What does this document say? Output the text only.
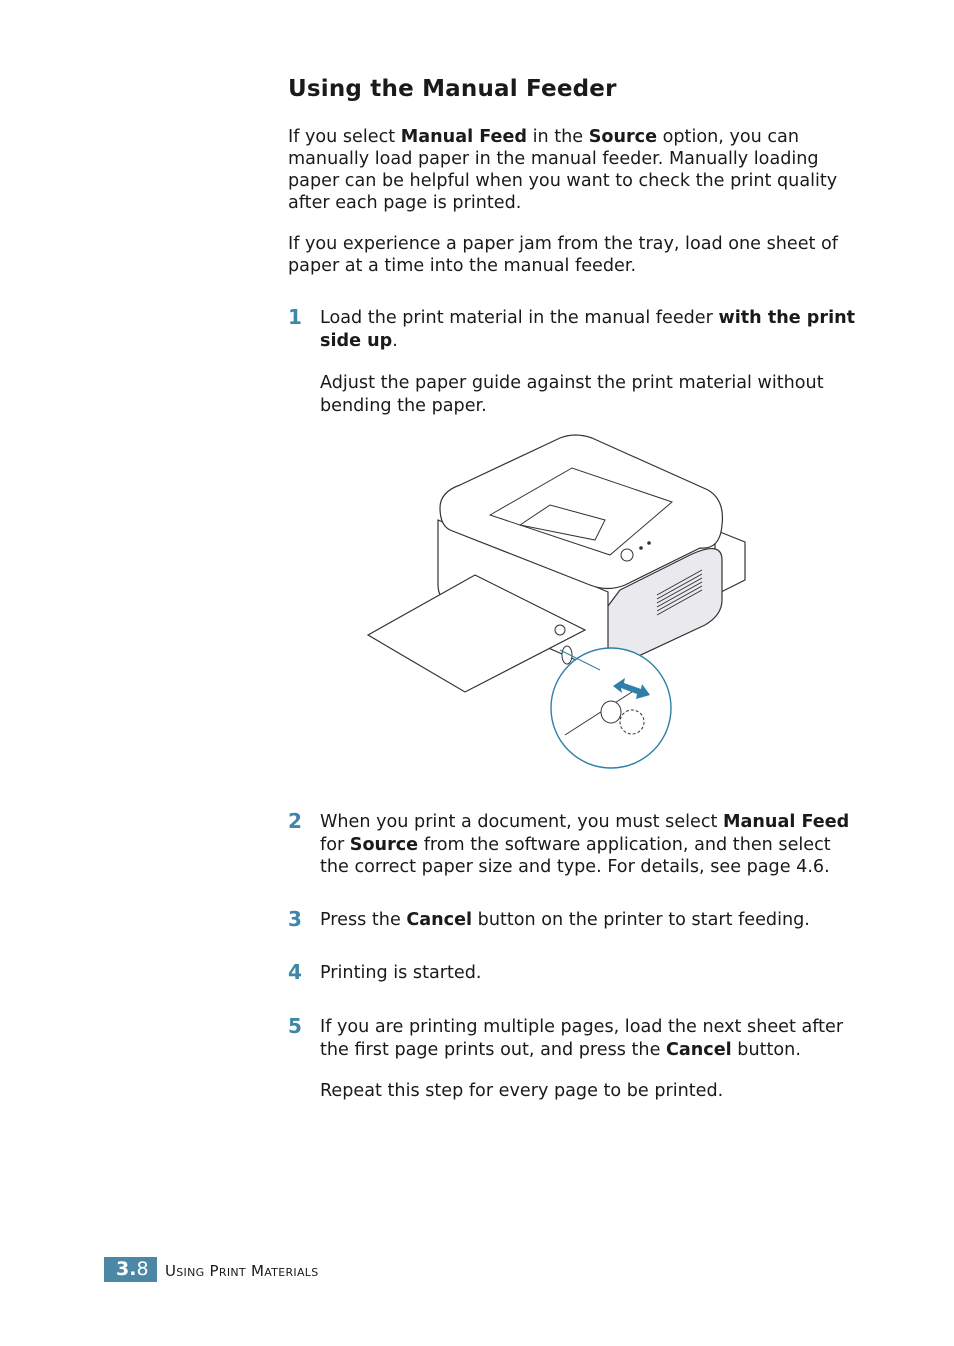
Using the Manual Feeder

If you select Manual Feed in the Source option, you can manually load paper in the manual feeder. Manually loading paper can be helpful when you want to check the print quality after each page is printed.

If you experience a paper jam from the tray, load one sheet of paper at a time into the manual feeder.

1 Load the print material in the manual feeder with the print side up.

Adjust the paper guide against the print material without bending the paper.

2 When you print a document, you must select Manual Feed for Source from the software application, and then select the correct paper size and type. For details, see page 4.6.

3 Press the Cancel button on the printer to start feeding.

4 Printing is started.

5 If you are printing multiple pages, load the next sheet after the first page prints out, and press the Cancel button.

Repeat this step for every page to be printed.

3.8	Using Print Materials
